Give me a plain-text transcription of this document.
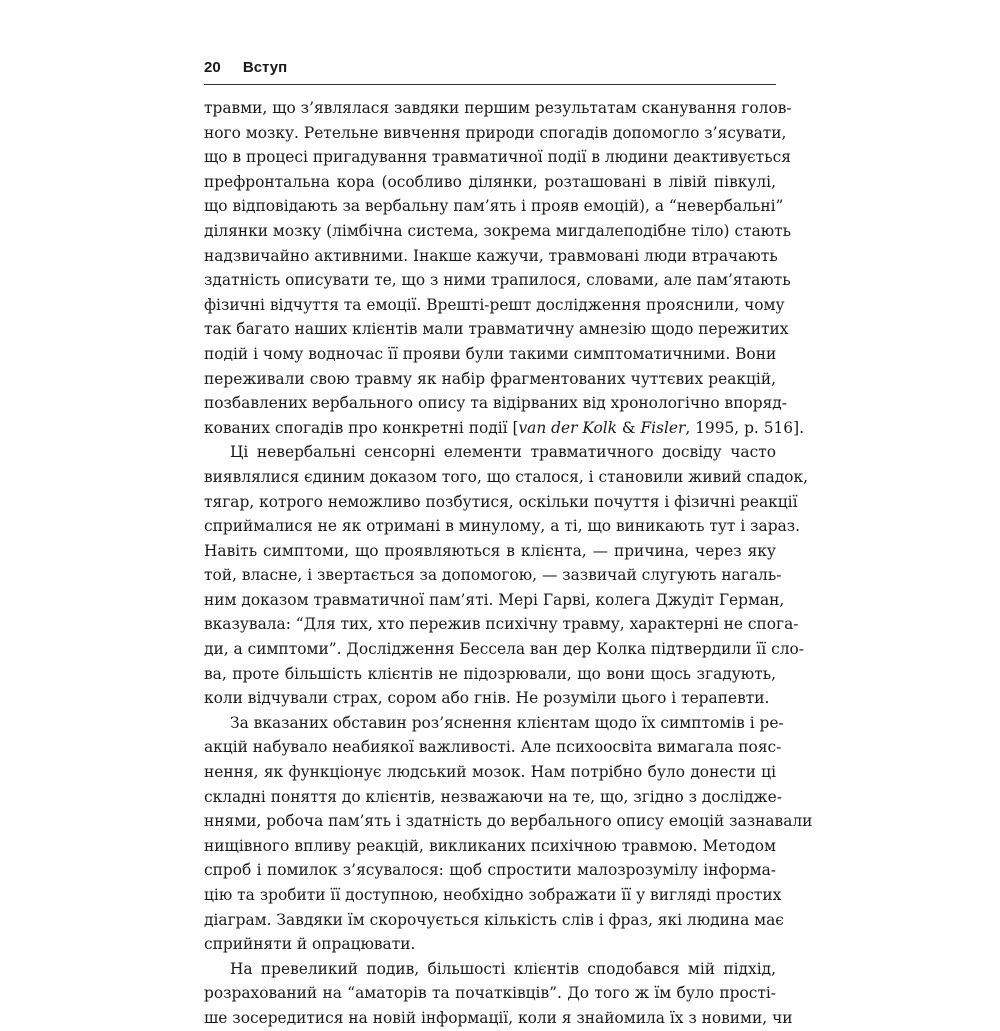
20 Вступ
травми, що з’являлася завдяки першим результатам сканування голов-
ного мозку. Ретельне вивчення природи спогадів допомогло з’ясувати,
що в процесі пригадування травматичної події в людини деактивується
префронтальна кора (особливо ділянки, розташовані в лівій півкулі,
що відповідають за вербальну пам’ять і прояв емоцій), а “невербальні”
ділянки мозку (лімбічна система, зокрема мигдалеподібне тіло) стають
надзвичайно активними. Інакше кажучи, травмовані люди втрачають
здатність описувати те, що з ними трапилося, словами, але пам’ятають
фізичні відчуття та емоції. Врешті-решт дослідження прояснили, чому
так багато наших клієнтів мали травматичну амнезію щодо пережитих
подій і чому водночас її прояви були такими симптоматичними. Вони
переживали свою травму як набір фрагментованих чуттєвих реакцій,
позбавлених вербального опису та відірваних від хронологічно впоряд-
кованих спогадів про конкретні події [van der Kolk & Fisler, 1995, p. 516].
Ці невербальні сенсорні елементи травматичного досвіду часто
виявлялися єдиним доказом того, що сталося, і становили живий спадок,
тягар, котрого неможливо позбутися, оскільки почуття і фізичні реакції
сприймалися не як отримані в минулому, а ті, що виникають тут і зараз.
Навіть симптоми, що проявляються в клієнта, — причина, через яку
той, власне, і звертається за допомогою, — зазвичай слугують нагаль-
ним доказом травматичної пам’яті. Мері Гарві, колега Джудіт Герман,
вказувала: “Для тих, хто пережив психічну травму, характерні не спога-
ди, а симптоми”. Дослідження Бессела ван дер Колка підтвердили її сло-
ва, проте більшість клієнтів не підозрювали, що вони щось згадують,
коли відчували страх, сором або гнів. Не розуміли цього і терапевти.
За вказаних обставин роз’яснення клієнтам щодо їх симптомів і ре-
акцій набувало неабиякої важливості. Але психоосвіта вимагала пояс-
нення, як функціонує людський мозок. Нам потрібно було донести ці
складні поняття до клієнтів, незважаючи на те, що, згідно з дослідже-
ннями, робоча пам’ять і здатність до вербального опису емоцій зазнавали
нищівного впливу реакцій, викликаних психічною травмою. Методом
спроб і помилок з’ясувалося: щоб спростити малозрозумілу інформа-
цію та зробити її доступною, необхідно зображати її у вигляді простих
діаграм. Завдяки їм скорочується кількість слів і фраз, які людина має
сприйняти й опрацювати.
На превеликий подив, більшості клієнтів сподобався мій підхід,
розрахований на “аматорів та початківців”. До того ж їм було прості-
ше зосередитися на новій інформації, коли я знайомила їх з новими, чи
